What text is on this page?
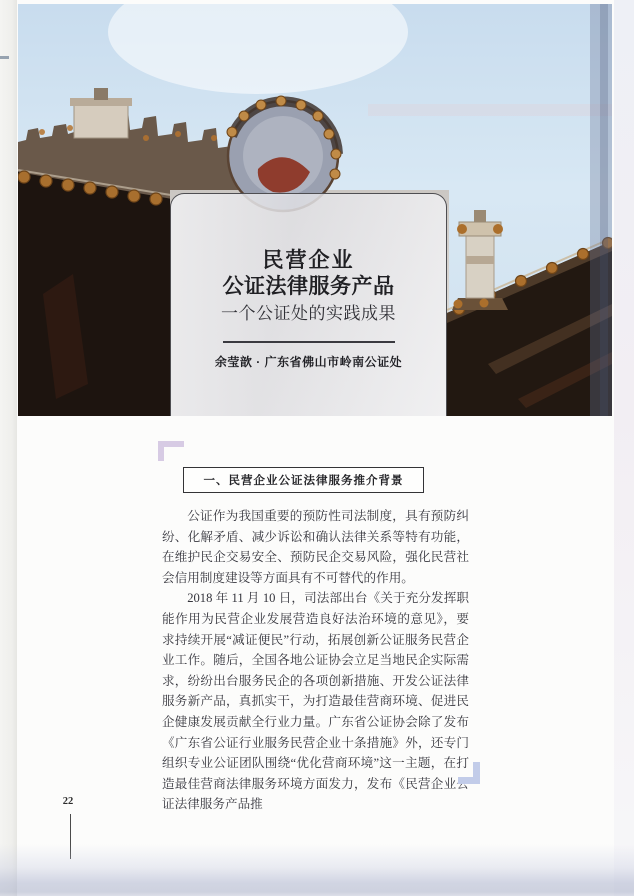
民营企业
公证法律服务产品
一个公证处的实践成果
余莹歆 · 广东省佛山市岭南公证处
一、民营企业公证法律服务推介背景

公证作为我国重要的预防性司法制度，具有预防纠纷、化解矛盾、减少诉讼和确认法律关系等特有功能，在维护民企交易安全、预防民企交易风险，强化民营社会信用制度建设等方面具有不可替代的作用。

2018 年 11 月 10 日，司法部出台《关于充分发挥职能作用为民营企业发展营造良好法治环境的意见》，要求持续开展“减证便民”行动，拓展创新公证服务民营企业工作。随后，全国各地公证协会立足当地民企实际需求，纷纷出台服务民企的各项创新措施、开发公证法律服务新产品，真抓实干，为打造最佳营商环境、促进民企健康发展贡献全行业力量。广东省公证协会除了发布《广东省公证行业服务民营企业十条措施》外，还专门组织专业公证团队围绕“优化营商环境”这一主题，在打造最佳营商法律服务环境方面发力，发布《民营企业公证法律服务产品推

22
